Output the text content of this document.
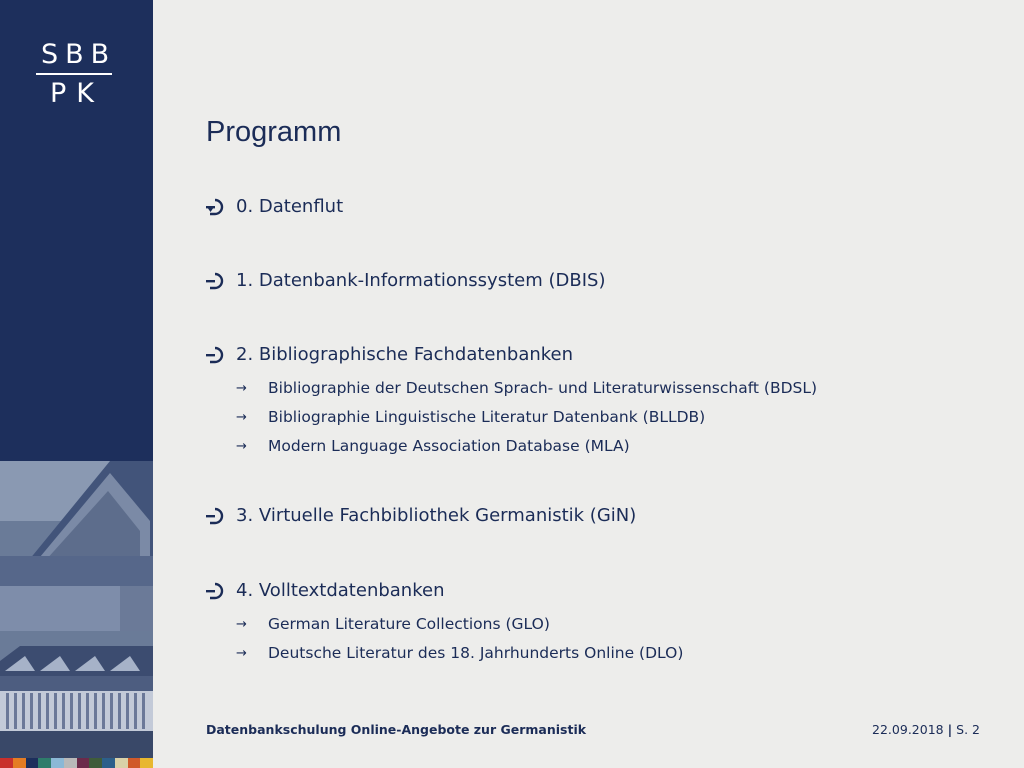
SBB
PK
Programm
0. Datenflut
1. Datenbank-Informationssystem (DBIS)
2. Bibliographische Fachdatenbanken
→	Bibliographie der Deutschen Sprach- und Literaturwissenschaft (BDSL)
→	Bibliographie Linguistische Literatur Datenbank (BLLDB)
→	Modern Language Association Database (MLA)
3. Virtuelle Fachbibliothek Germanistik (GiN)
4. Volltextdatenbanken
→	German Literature Collections (GLO)
→	Deutsche Literatur des 18. Jahrhunderts Online (DLO)
Datenbankschulung Online-Angebote zur Germanistik	22.09.2018 | S. 2
